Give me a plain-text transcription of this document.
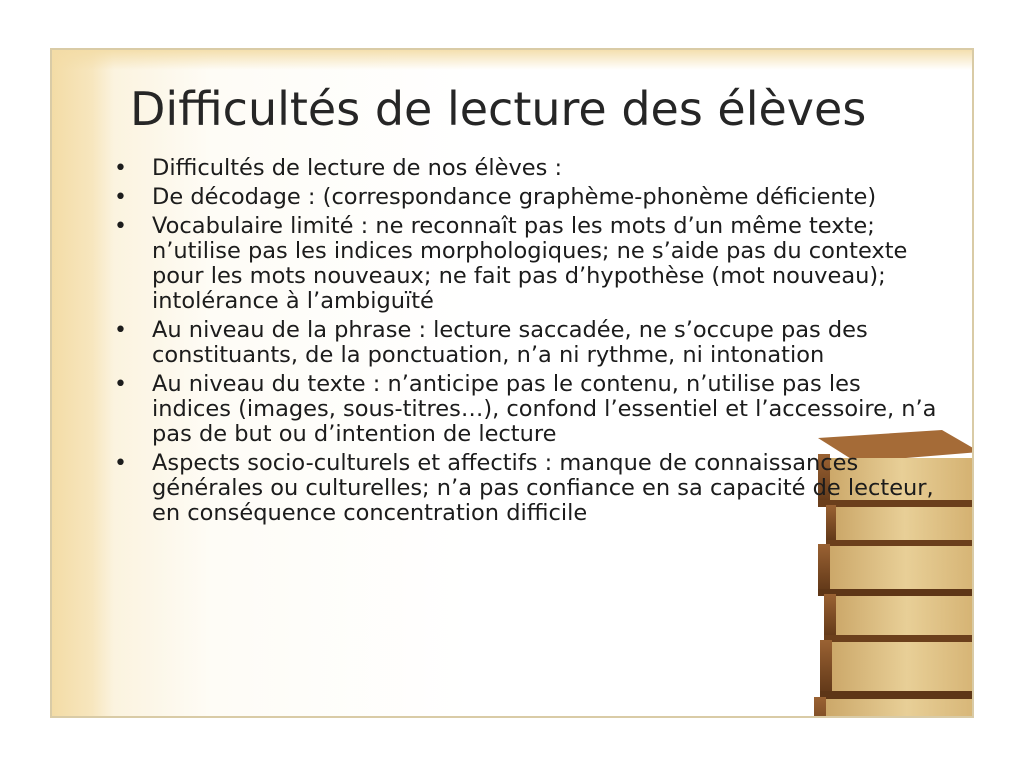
Difficultés de lecture des élèves
• Difficultés de lecture de nos élèves :
• De décodage : (correspondance graphème-phonème déficiente)
• Vocabulaire limité : ne reconnaît pas les mots d’un même texte; n’utilise pas les indices morphologiques; ne s’aide pas du contexte pour les mots nouveaux; ne fait pas d’hypothèse (mot nouveau); intolérance à l’ambiguïté
• Au niveau de la phrase : lecture saccadée, ne s’occupe pas des constituants, de la ponctuation, n’a ni rythme, ni intonation
• Au niveau du texte : n’anticipe pas le contenu, n’utilise pas les indices (images, sous-titres…), confond l’essentiel et l’accessoire, n’a pas de but ou d’intention de lecture
• Aspects socio-culturels et affectifs : manque de connaissances générales ou culturelles; n’a pas confiance en sa capacité de lecteur, en conséquence concentration difficile
